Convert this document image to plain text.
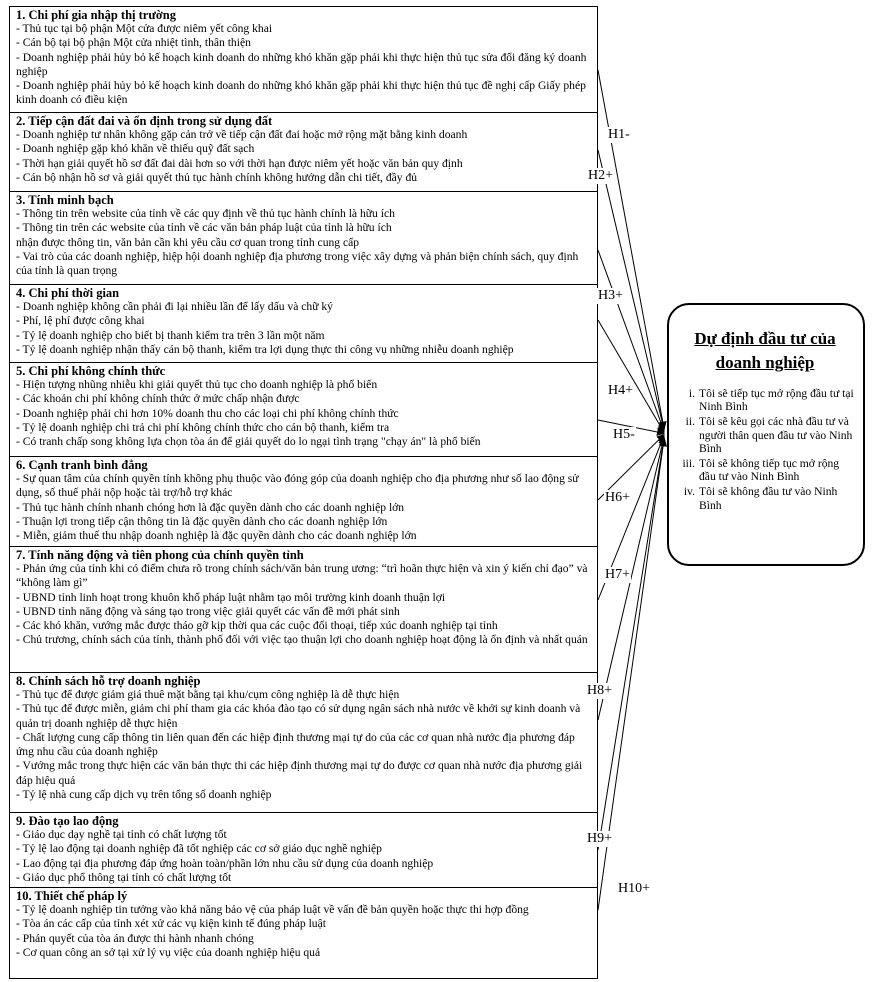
1. Chi phí gia nhập thị trường
- Thủ tục tại bộ phận Một cửa được niêm yết công khai
- Cán bộ tại bộ phận Một cửa nhiệt tình, thân thiện
- Doanh nghiệp phải hủy bỏ kế hoạch kinh doanh do những khó khăn gặp phải khi thực hiện thủ tục sửa đổi đăng ký doanh nghiệp
- Doanh nghiệp phải hủy bỏ kế hoạch kinh doanh do những khó khăn gặp phải khi thực hiện thủ tục đề nghị cấp Giấy phép kinh doanh có điều kiện
2. Tiếp cận đất đai và ổn định trong sử dụng đất
- Doanh nghiệp tư nhân không gặp cản trở về tiếp cận đất đai hoặc mở rộng mặt bằng kinh doanh
- Doanh nghiệp gặp khó khăn về thiếu quỹ đất sạch
- Thời hạn giải quyết hồ sơ đất đai dài hơn so với thời hạn được niêm yết hoặc văn bản quy định
- Cán bộ nhận hồ sơ và giải quyết thủ tục hành chính không hướng dẫn chi tiết, đầy đủ
3. Tính minh bạch
- Thông tin trên website của tỉnh về các quy định về thủ tục hành chính là hữu ích
- Thông tin trên các website của tỉnh về các văn bản pháp luật của tỉnh là hữu ích
nhận được thông tin, văn bản cần khi yêu cầu cơ quan trong tỉnh cung cấp
- Vai trò của các doanh nghiệp, hiệp hội doanh nghiệp địa phương trong việc xây dựng và phản biện chính sách, quy định của tỉnh là quan trọng
4. Chi phí thời gian
- Doanh nghiệp không cần phải đi lại nhiều lần để lấy dấu và chữ ký
- Phí, lệ phí được công khai
- Tỷ lệ doanh nghiệp cho biết bị thanh kiểm tra trên 3 lần một năm
- Tỷ lệ doanh nghiệp nhận thấy cán bộ thanh, kiểm tra lợi dụng thực thi công vụ những nhiễu doanh nghiệp
5. Chi phí không chính thức
- Hiện tượng nhũng nhiễu khi giải quyết thủ tục cho doanh nghiệp là phổ biến
- Các khoản chi phí không chính thức ở mức chấp nhận được
- Doanh nghiệp phải chi hơn 10% doanh thu cho các loại chi phí không chính thức
- Tỷ lệ doanh nghiệp chi trả chi phí không chính thức cho cán bộ thanh, kiểm tra
- Có tranh chấp song không lựa chọn tòa án để giải quyết do lo ngại tình trạng "chạy án" là phổ biến
6. Cạnh tranh bình đẳng
- Sự quan tâm của chính quyền tỉnh không phụ thuộc vào đóng góp của doanh nghiệp cho địa phương như số lao động sử dụng, số thuế phải nộp hoặc tài trợ/hỗ trợ khác
- Thủ tục hành chính nhanh chóng hơn là đặc quyền dành cho các doanh nghiệp lớn
- Thuận lợi trong tiếp cận thông tin là đặc quyền dành cho các doanh nghiệp lớn
- Miễn, giảm thuế thu nhập doanh nghiệp là đặc quyền dành cho các doanh nghiệp lớn
7. Tính năng động và tiên phong của chính quyền tỉnh
- Phản ứng của tỉnh khi có điểm chưa rõ trong chính sách/văn bản trung ương: “trì hoãn thực hiện và xin ý kiến chỉ đạo” và “không làm gì”
- UBND tỉnh linh hoạt trong khuôn khổ pháp luật nhằm tạo môi trường kinh doanh thuận lợi
- UBND tỉnh năng động và sáng tạo trong việc giải quyết các vấn đề mới phát sinh
- Các khó khăn, vướng mắc được tháo gỡ kịp thời qua các cuộc đối thoại, tiếp xúc doanh nghiệp tại tỉnh
- Chủ trương, chính sách của tỉnh, thành phố đối với việc tạo thuận lợi cho doanh nghiệp hoạt động là ổn định và nhất quán
8. Chính sách hỗ trợ doanh nghiệp
- Thủ tục để được giảm giá thuê mặt bằng tại khu/cụm công nghiệp là dễ thực hiện
- Thủ tục để được miễn, giảm chi phí tham gia các khóa đào tạo có sử dụng ngân sách nhà nước về khởi sự kinh doanh và quản trị doanh nghiệp dễ thực hiện
- Chất lượng cung cấp thông tin liên quan đến các hiệp định thương mại tự do của các cơ quan nhà nước địa phương đáp ứng nhu cầu của doanh nghiệp
- Vướng mắc trong thực hiện các văn bản thực thi các hiệp định thương mại tự do được cơ quan nhà nước địa phương giải đáp hiệu quả
- Tỷ lệ nhà cung cấp dịch vụ trên tổng số doanh nghiệp
9. Đào tạo lao động
- Giáo dục dạy nghề tại tỉnh có chất lượng tốt
- Tỷ lệ lao động tại doanh nghiệp đã tốt nghiệp các cơ sở giáo dục nghề nghiệp
- Lao động tại địa phương đáp ứng hoàn toàn/phần lớn nhu cầu sử dụng của doanh nghiệp
- Giáo dục phổ thông tại tỉnh có chất lượng tốt
10. Thiết chế pháp lý
- Tỷ lệ doanh nghiệp tin tưởng vào khả năng bảo vệ của pháp luật về vấn đề bản quyền hoặc thực thi hợp đồng
- Tòa án các cấp của tỉnh xét xử các vụ kiện kinh tế đúng pháp luật
- Phán quyết của tòa án được thi hành nhanh chóng
- Cơ quan công an sở tại xử lý vụ việc của doanh nghiệp hiệu quả
H1-
H2+
H3+
H4+
H5-
H6+
H7+
H8+
H9+
H10+
Dự định đầu tư của doanh nghiệp
i. Tôi sẽ tiếp tục mở rộng đầu tư tại Ninh Bình
ii. Tôi sẽ kêu gọi các nhà đầu tư và người thân quen đầu tư vào Ninh Bình
iii. Tôi sẽ không tiếp tục mở rộng đầu tư vào Ninh Bình
iv. Tôi sẽ không đầu tư vào Ninh Bình
